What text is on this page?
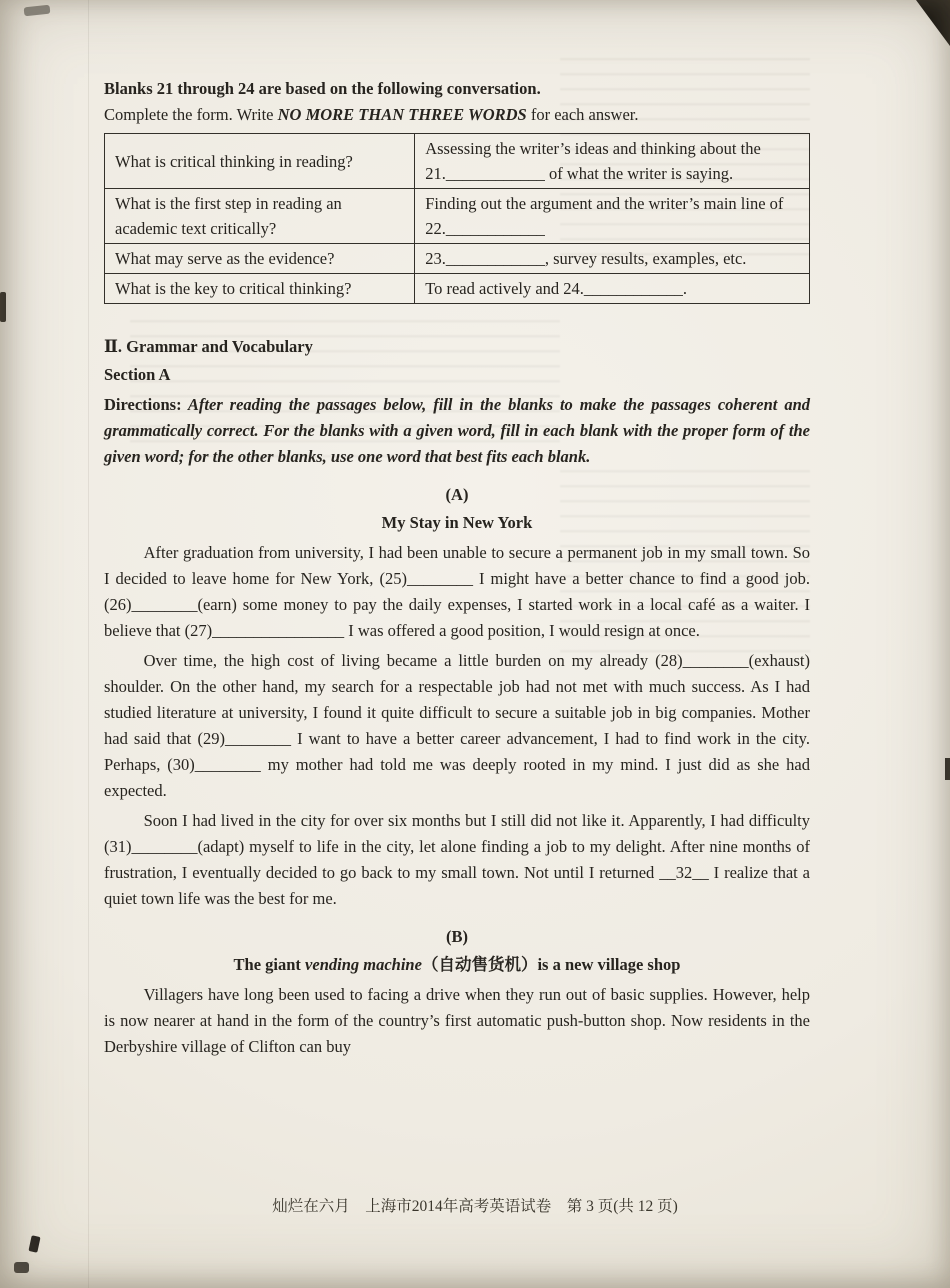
Blanks 21 through 24 are based on the following conversation.

Complete the form. Write NO MORE THAN THREE WORDS for each answer.

What is critical thinking in reading?	Assessing the writer’s ideas and thinking about the 21.____________ of what the writer is saying.
What is the first step in reading an academic text critically?	Finding out the argument and the writer’s main line of 22.____________
What may serve as the evidence?	23.____________, survey results, examples, etc.
What is the key to critical thinking?	To read actively and 24.____________.

Ⅱ. Grammar and Vocabulary

Section A

Directions: After reading the passages below, fill in the blanks to make the passages coherent and grammatically correct. For the blanks with a given word, fill in each blank with the proper form of the given word; for the other blanks, use one word that best fits each blank.

(A)

My Stay in New York

After graduation from university, I had been unable to secure a permanent job in my small town. So I decided to leave home for New York, (25)________ I might have a better chance to find a good job. (26)________(earn) some money to pay the daily expenses, I started work in a local café as a waiter. I believe that (27)________________ I was offered a good position, I would resign at once.

Over time, the high cost of living became a little burden on my already (28)________(exhaust) shoulder. On the other hand, my search for a respectable job had not met with much success. As I had studied literature at university, I found it quite difficult to secure a suitable job in big companies. Mother had said that (29)________ I want to have a better career advancement, I had to find work in the city. Perhaps, (30)________ my mother had told me was deeply rooted in my mind. I just did as she had expected.

Soon I had lived in the city for over six months but I still did not like it. Apparently, I had difficulty (31)________(adapt) myself to life in the city, let alone finding a job to my delight. After nine months of frustration, I eventually decided to go back to my small town. Not until I returned __32__ I realize that a quiet town life was the best for me.

(B)

The giant vending machine（自动售货机）is a new village shop

Villagers have long been used to facing a drive when they run out of basic supplies. However, help is now nearer at hand in the form of the country’s first automatic push-button shop. Now residents in the Derbyshire village of Clifton can buy

灿烂在六月　上海市2014年高考英语试卷　第 3 页(共 12 页)
